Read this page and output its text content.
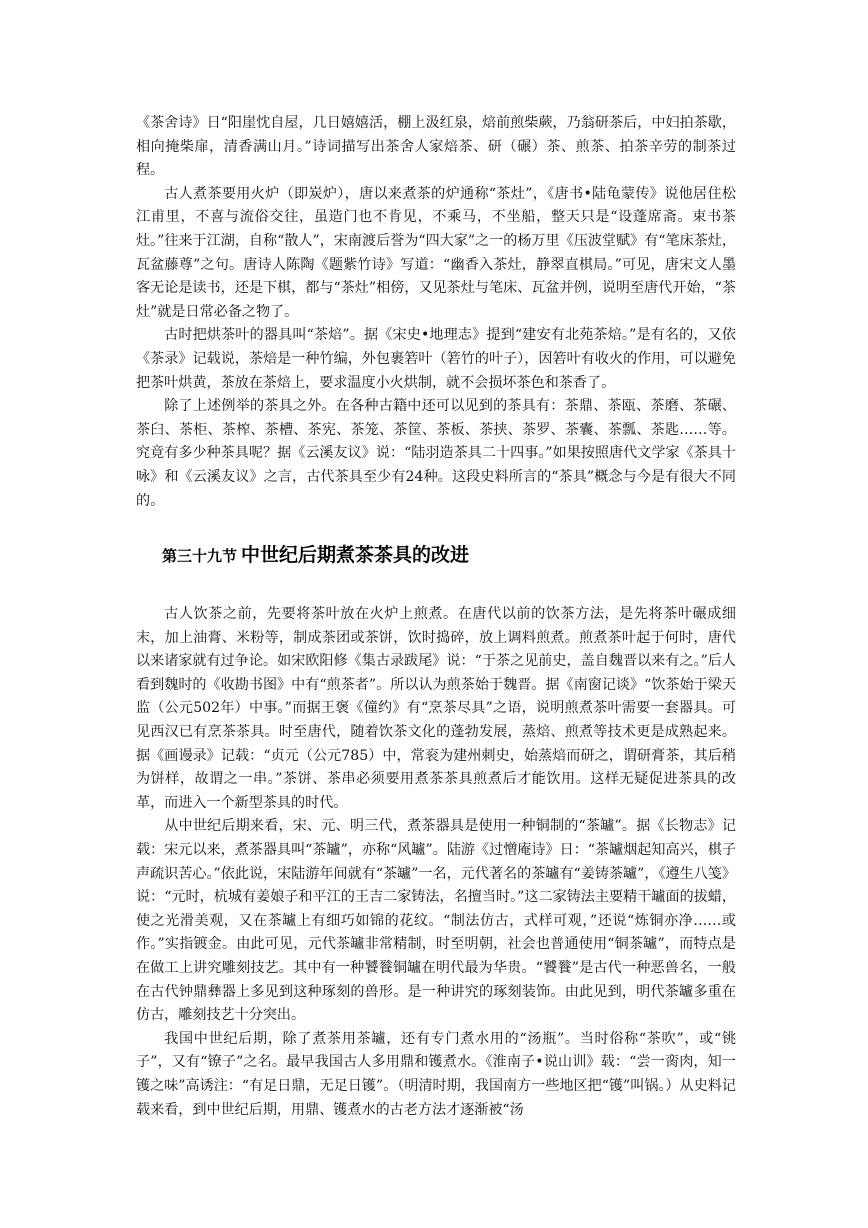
《茶舍诗》日“阳崖忱自屋，几日嬉嬉活，棚上汲红泉，焙前煎柴蕨，乃翁研茶后，中妇拍茶歇，相向掩柴扉，清香满山月。”诗词描写出茶舍人家焙茶、研（碾）茶、煎茶、拍茶辛劳的制茶过程。

古人煮茶要用火炉（即炭炉），唐以来煮茶的炉通称“茶灶”，《唐书•陆龟蒙传》说他居住松江甫里，不喜与流俗交往，虽造门也不肯见，不乘马，不坐船，整天只是“设蓬席斋。束书茶灶。”往来于江湖，自称“散人”，宋南渡后誉为“四大家”之一的杨万里《压波堂赋》有“笔床茶灶，瓦盆藤尊”之句。唐诗人陈陶《题紫竹诗》写道：“幽香入茶灶，静翠直棋局。”可见，唐宋文人墨客无论是读书，还是下棋，都与“茶灶”相傍，又见茶灶与笔床、瓦盆并例，说明至唐代开始，“茶灶”就是日常必备之物了。

古时把烘茶叶的器具叫“茶焙”。据《宋史•地理志》提到“建安有北苑茶焙。”是有名的，又依《茶录》记载说，茶焙是一种竹编，外包裹箬叶（箬竹的叶子），因箬叶有收火的作用，可以避免把茶叶烘黄，茶放在茶焙上，要求温度小火烘制，就不会损坏茶色和茶香了。

除了上述例举的茶具之外。在各种古籍中还可以见到的茶具有：茶鼎、茶瓯、茶磨、茶碾、茶臼、茶柜、茶榨、茶槽、茶宪、茶笼、茶筐、茶板、茶挟、茶罗、茶囊、茶瓢、茶匙……等。究竟有多少种茶具呢？据《云溪友议》说：“陆羽造茶具二十四事。”如果按照唐代文学家《茶具十咏》和《云溪友议》之言，古代茶具至少有24种。这段史料所言的“茶具”概念与今是有很大不同的。

第三十九节 中世纪后期煮茶茶具的改进

古人饮茶之前，先要将茶叶放在火炉上煎煮。在唐代以前的饮茶方法，是先将茶叶碾成细末，加上油膏、米粉等，制成茶团或茶饼，饮时捣碎，放上调料煎煮。煎煮茶叶起于何时，唐代以来诸家就有过争论。如宋欧阳修《集古录跋尾》说：“于茶之见前史，盖自魏晋以来有之。”后人看到魏时的《收勘书图》中有“煎茶者”。所以认为煎茶始于魏晋。据《南窗记谈》“饮茶始于梁天监（公元502年）中事。”而据王褒《僮约》有“烹茶尽具”之语，说明煎煮茶叶需要一套器具。可见西汉已有烹茶茶具。时至唐代，随着饮茶文化的蓬勃发展，蒸焙、煎煮等技术更是成熟起来。据《画谩录》记载：“贞元（公元785）中，常衮为建州刺史，始蒸焙而研之，谓研膏茶，其后稍为饼样，故谓之一串。”茶饼、茶串必须要用煮茶茶具煎煮后才能饮用。这样无疑促进茶具的改革，而进入一个新型茶具的时代。

从中世纪后期来看，宋、元、明三代，煮茶器具是使用一种铜制的“茶罏”。据《长物志》记载：宋元以来，煮茶器具叫“茶罏”，亦称“风罏”。陆游《过憎庵诗》日：“茶罏烟起知高兴，棋子声疏识苦心。”依此说，宋陆游年间就有“茶罏”一名，元代著名的茶罏有“姜铸茶罏”，《遵生八笺》说：“元时，杭城有姜娘子和平江的王吉二家铸法，名擅当时。”这二家铸法主要精干罏面的拔蜡，使之光滑美观，又在茶罏上有细巧如锦的花纹。“制法仿古，式样可观，”还说“炼铜亦净……或作。”实指镀金。由此可见，元代茶罏非常精制，时至明朝，社会也普通使用“铜茶罏”，而特点是在做工上讲究雕刻技艺。其中有一种饕餮铜罏在明代最为华贵。“饕餮”是古代一种恶兽名，一般在古代钟鼎彝器上多见到这种琢刻的兽形。是一种讲究的琢刻装饰。由此见到，明代茶罏多重在仿古，雕刻技艺十分突出。

我国中世纪后期，除了煮茶用茶罏，还有专门煮水用的“汤瓶”。当时俗称“茶吹”，或“铫子”，又有“镣子”之名。最早我国古人多用鼎和镬煮水。《淮南子•说山训》载：“尝一脔肉，知一镬之味”高诱注：“有足日鼎，无足日镬”。（明清时期，我国南方一些地区把“镬”叫锅。）从史料记载来看，到中世纪后期，用鼎、镬煮水的古老方法才逐渐被“汤
